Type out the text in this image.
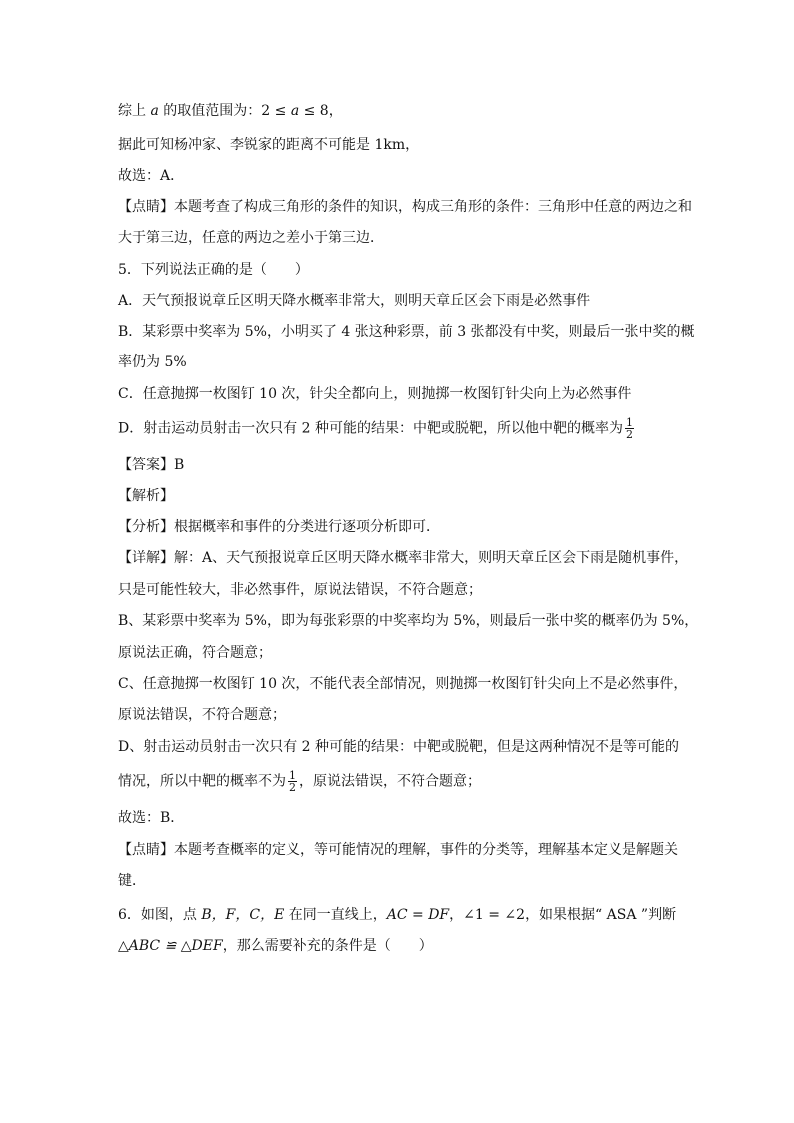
综上 a 的取值范围为：2 ≤ a ≤ 8，
据此可知杨冲家、李锐家的距离不可能是 1km，
故选：A．
【点睛】本题考查了构成三角形的条件的知识，构成三角形的条件：三角形中任意的两边之和
大于第三边，任意的两边之差小于第三边．
5．下列说法正确的是（　　）
A．天气预报说章丘区明天降水概率非常大，则明天章丘区会下雨是必然事件
B．某彩票中奖率为 5%，小明买了 4 张这种彩票，前 3 张都没有中奖，则最后一张中奖的概
率仍为 5%
C．任意抛掷一枚图钉 10 次，针尖全都向上，则抛掷一枚图钉针尖向上为必然事件
D．射击运动员射击一次只有 2 种可能的结果：中靶或脱靶，所以他中靶的概率为 $\frac{1}{2}$
【答案】B
【解析】
【分析】根据概率和事件的分类进行逐项分析即可．
【详解】解：A、天气预报说章丘区明天降水概率非常大，则明天章丘区会下雨是随机事件，
只是可能性较大，非必然事件，原说法错误，不符合题意；
B、某彩票中奖率为 5%，即为每张彩票的中奖率均为 5%，则最后一张中奖的概率仍为 5%，
原说法正确，符合题意；
C、任意抛掷一枚图钉 10 次，不能代表全部情况，则抛掷一枚图钉针尖向上不是必然事件，
原说法错误，不符合题意；
D、射击运动员射击一次只有 2 种可能的结果：中靶或脱靶，但是这两种情况不是等可能的
情况，所以中靶的概率不为 $\frac{1}{2}$ ，原说法错误，不符合题意；
故选：B．
【点睛】本题考查概率的定义，等可能情况的理解，事件的分类等，理解基本定义是解题关
键．
6．如图，点 B，F，C，E 在同一直线上，AC = DF，∠1 = ∠2，如果根据“ ASA ”判断
△ABC ≌ △DEF，那么需要补充的条件是（　　）
